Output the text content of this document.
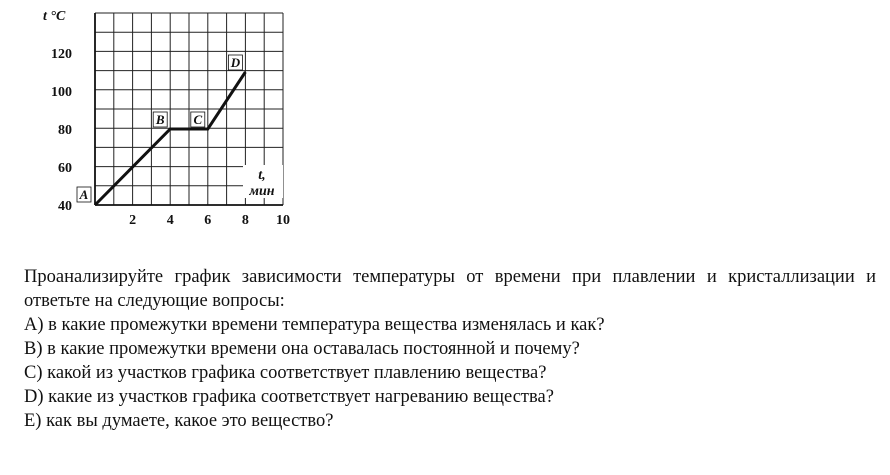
2 4 6 8 10
40
60
80
100
120
A
B C
D
t °C
t,
мин
Проанализируйте график зависимости температуры от времени при плавлении и кристаллизации и ответьте на следующие вопросы:
A) в какие промежутки времени температура вещества изменялась и как?
B) в какие промежутки времени она оставалась постоянной и почему?
C) какой из участков графика соответствует плавлению вещества?
D) какие из участков графика соответствует нагреванию вещества?
E) как вы думаете, какое это вещество?
